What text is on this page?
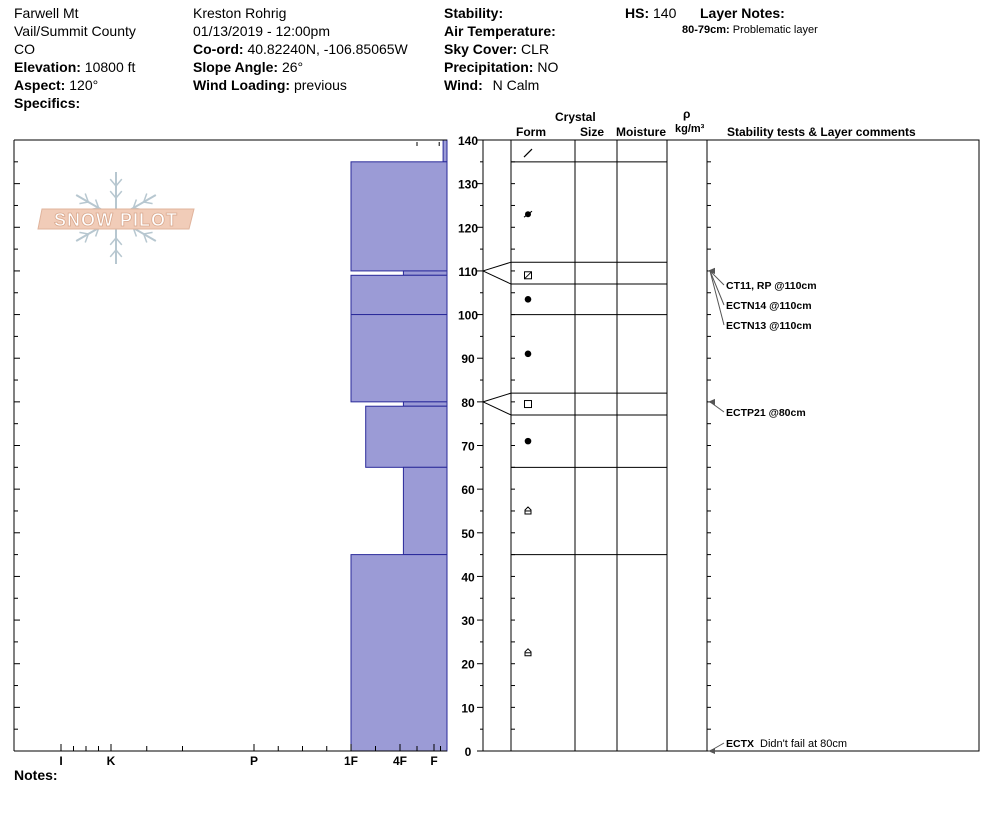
SNOW PILOT
I	K	P	1F	4F F
0
10
20
30
40
50
60
70
80
90
100
110
120
130
140
CT11, RP @110cm
ECTN14 @110cm
ECTN13 @110cm
ECTP21 @80cm
ECTX Didn't fail at 80cm
Farwell Mt
Vail/Summit County
CO
Elevation: 10800 ft
Aspect: 120°
Specifics:
Kreston Rohrig
01/13/2019 - 12:00pm
Co-ord: 40.82240N, -106.85065W
Slope Angle: 26°
Wind Loading: previous
Stability:
Air Temperature:
Sky Cover: CLR
Precipitation: NO
Wind: N Calm
HS: 140 Layer Notes:
80-79cm: Problematic layer
Crystal
Form	Size Moisture
ρ
kg/m³ Stability tests & Layer comments
Notes:
